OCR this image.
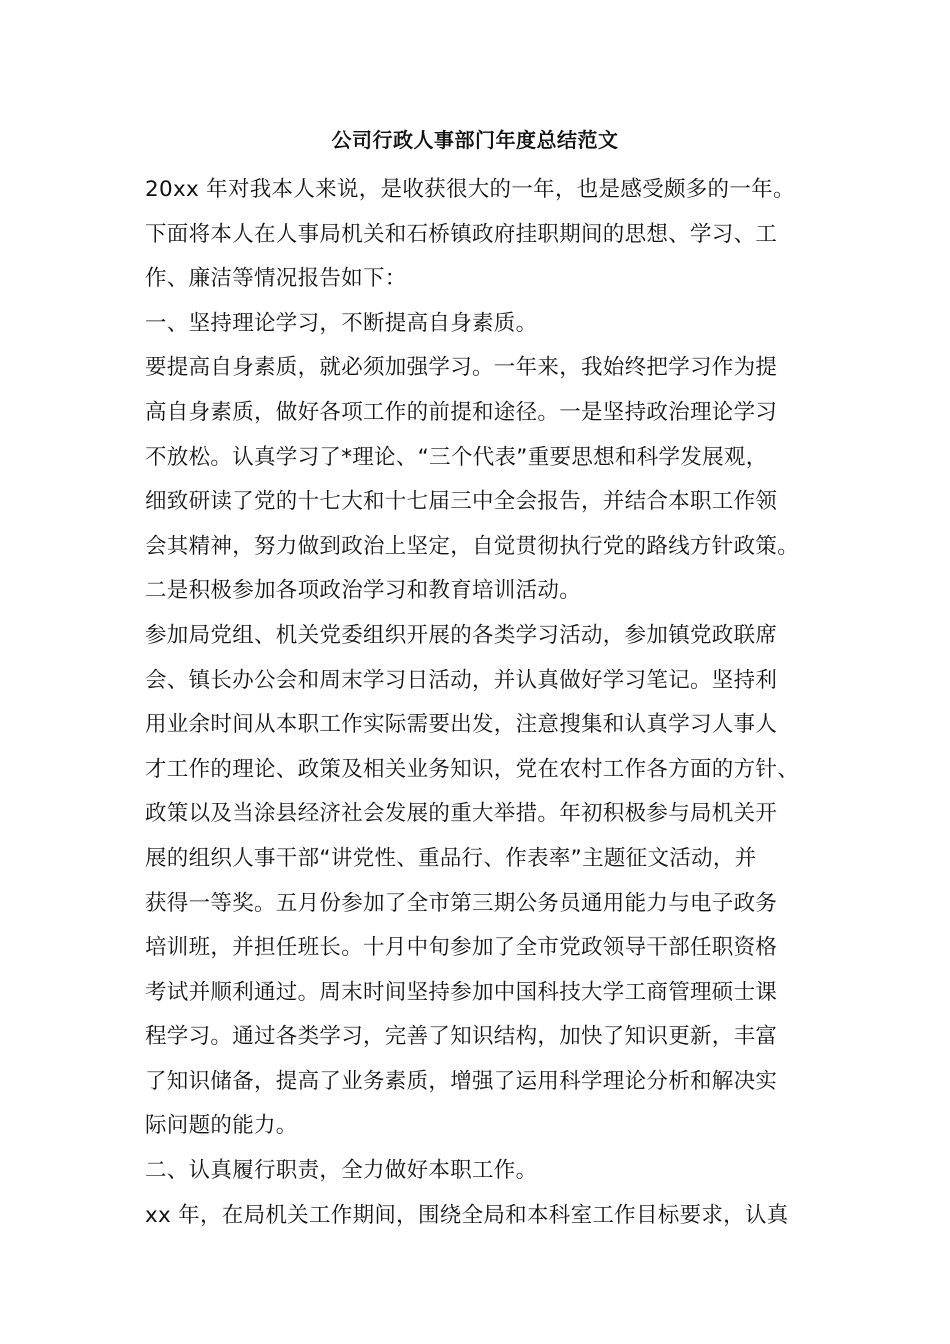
公司行政人事部门年度总结范文
20xx 年对我本人来说，是收获很大的一年，也是感受颇多的一年。
下面将本人在人事局机关和石桥镇政府挂职期间的思想、学习、工
作、廉洁等情况报告如下：
一、坚持理论学习，不断提高自身素质。
要提高自身素质，就必须加强学习。一年来，我始终把学习作为提
高自身素质，做好各项工作的前提和途径。一是坚持政治理论学习
不放松。认真学习了*理论、“三个代表”重要思想和科学发展观，
细致研读了党的十七大和十七届三中全会报告，并结合本职工作领
会其精神，努力做到政治上坚定，自觉贯彻执行党的路线方针政策。
二是积极参加各项政治学习和教育培训活动。
参加局党组、机关党委组织开展的各类学习活动，参加镇党政联席
会、镇长办公会和周末学习日活动，并认真做好学习笔记。坚持利
用业余时间从本职工作实际需要出发，注意搜集和认真学习人事人
才工作的理论、政策及相关业务知识，党在农村工作各方面的方针、
政策以及当涂县经济社会发展的重大举措。年初积极参与局机关开
展的组织人事干部“讲党性、重品行、作表率”主题征文活动，并
获得一等奖。五月份参加了全市第三期公务员通用能力与电子政务
培训班，并担任班长。十月中旬参加了全市党政领导干部任职资格
考试并顺利通过。周末时间坚持参加中国科技大学工商管理硕士课
程学习。通过各类学习，完善了知识结构，加快了知识更新，丰富
了知识储备，提高了业务素质，增强了运用科学理论分析和解决实
际问题的能力。
二、认真履行职责，全力做好本职工作。
xx 年，在局机关工作期间，围绕全局和本科室工作目标要求，认真
